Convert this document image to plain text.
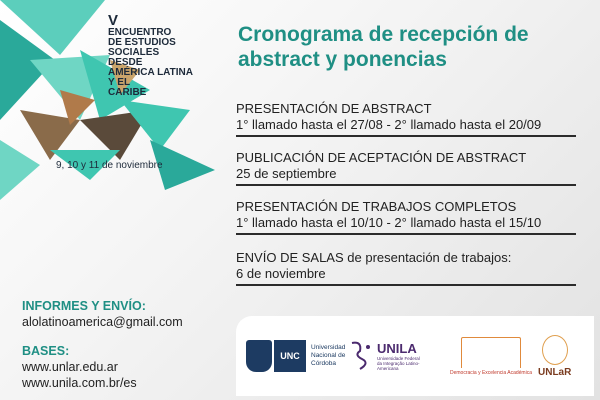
V
ENCUENTRO
DE ESTUDIOS SOCIALES
DESDE
AMÉRICA LATINA
Y EL
CARIBE
9, 10 y 11 de noviembre
Cronograma de recepción de abstract y ponencias
PRESENTACIÓN DE ABSTRACT
1° llamado hasta el 27/08 - 2° llamado hasta el 20/09
PUBLICACIÓN DE ACEPTACIÓN DE ABSTRACT
25 de septiembre
PRESENTACIÓN DE TRABAJOS COMPLETOS
1° llamado hasta el 10/10 - 2° llamado hasta el 15/10
ENVÍO DE SALAS de presentación de trabajos:
6 de noviembre
INFORMES Y ENVÍO:
alolatinoamerica@gmail.com
BASES:
www.unlar.edu.ar
www.unila.com.br/es
UNC
Universidad Nacional de Córdoba
UNILA
Universidade Federal da Integração Latino-Americana
Democracia y Excelencia Académica UNLaR
